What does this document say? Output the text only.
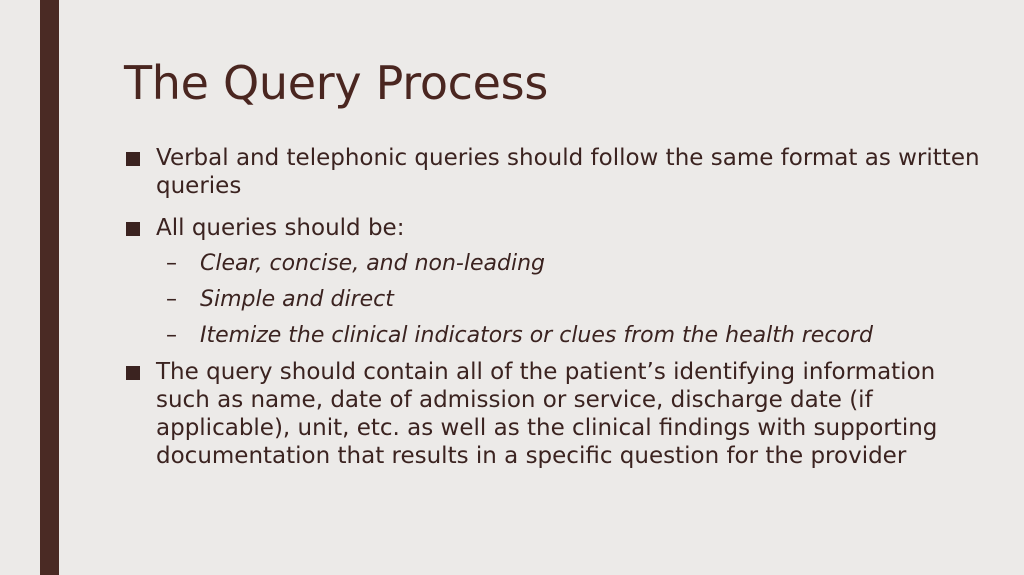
The Query Process
Verbal and telephonic queries should follow the same format as written queries
All queries should be:
–	Clear, concise, and non-leading
–	Simple and direct
–	Itemize the clinical indicators or clues from the health record
The query should contain all of the patient’s identifying information such as name, date of admission or service, discharge date (if applicable), unit, etc. as well as the clinical findings with supporting documentation that results in a specific question for the provider
